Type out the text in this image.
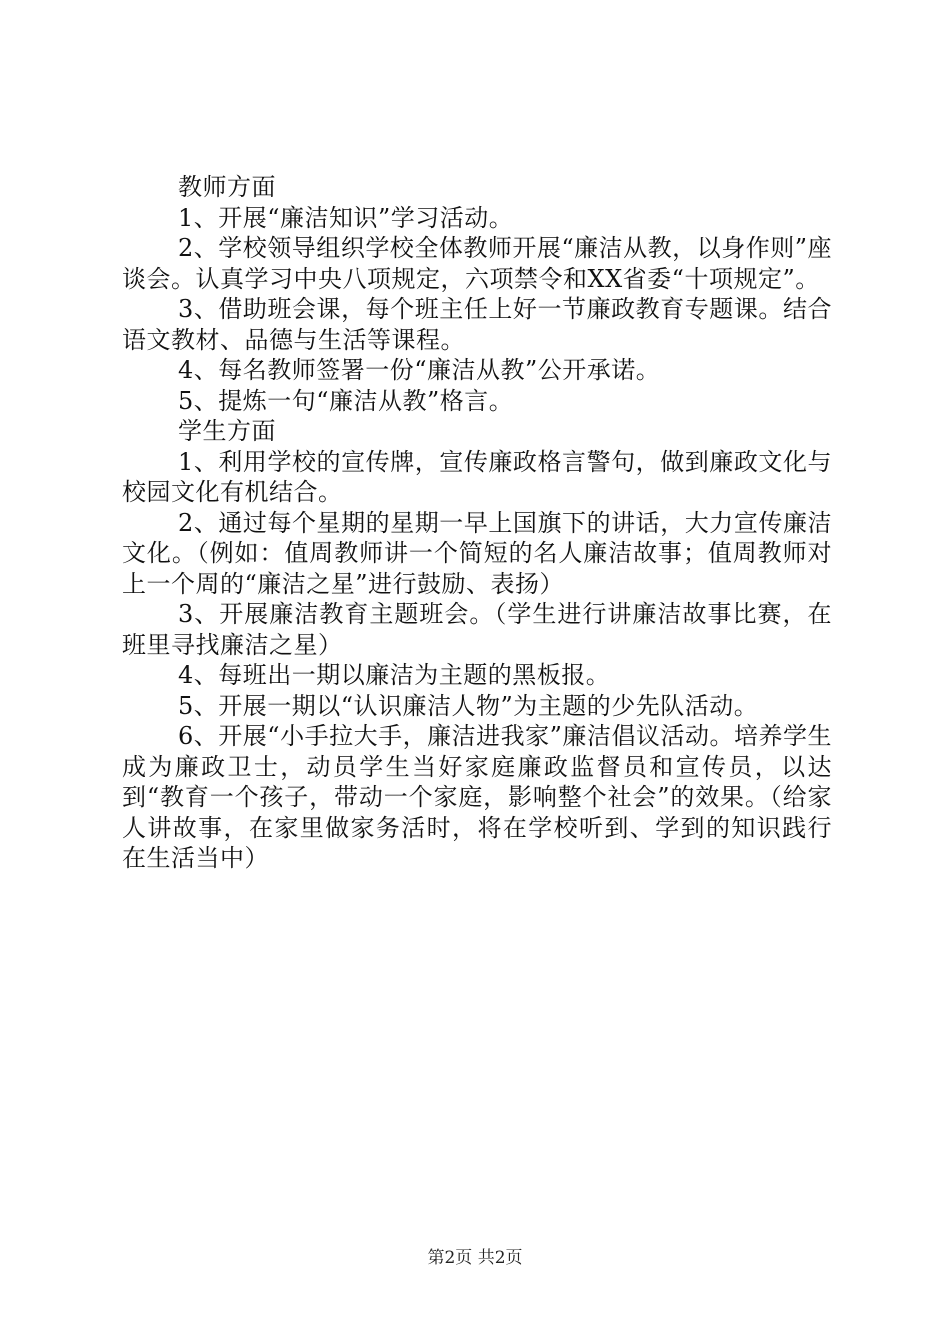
教师方面

1、开展“廉洁知识”学习活动。

2、学校领导组织学校全体教师开展“廉洁从教，以身作则”座谈会。认真学习中央八项规定，六项禁令和XX省委“十项规定”。

3、借助班会课，每个班主任上好一节廉政教育专题课。结合语文教材、品德与生活等课程。

4、每名教师签署一份“廉洁从教”公开承诺。

5、提炼一句“廉洁从教”格言。

学生方面

1、利用学校的宣传牌，宣传廉政格言警句，做到廉政文化与校园文化有机结合。

2、通过每个星期的星期一早上国旗下的讲话，大力宣传廉洁文化。（例如：值周教师讲一个简短的名人廉洁故事；值周教师对上一个周的“廉洁之星”进行鼓励、表扬）

3、开展廉洁教育主题班会。（学生进行讲廉洁故事比赛，在班里寻找廉洁之星）

4、每班出一期以廉洁为主题的黑板报。

5、开展一期以“认识廉洁人物”为主题的少先队活动。

6、开展“小手拉大手，廉洁进我家”廉洁倡议活动。培养学生成为廉政卫士，动员学生当好家庭廉政监督员和宣传员，以达到“教育一个孩子，带动一个家庭，影响整个社会”的效果。（给家人讲故事，在家里做家务活时，将在学校听到、学到的知识践行在生活当中）

第2页 共2页
